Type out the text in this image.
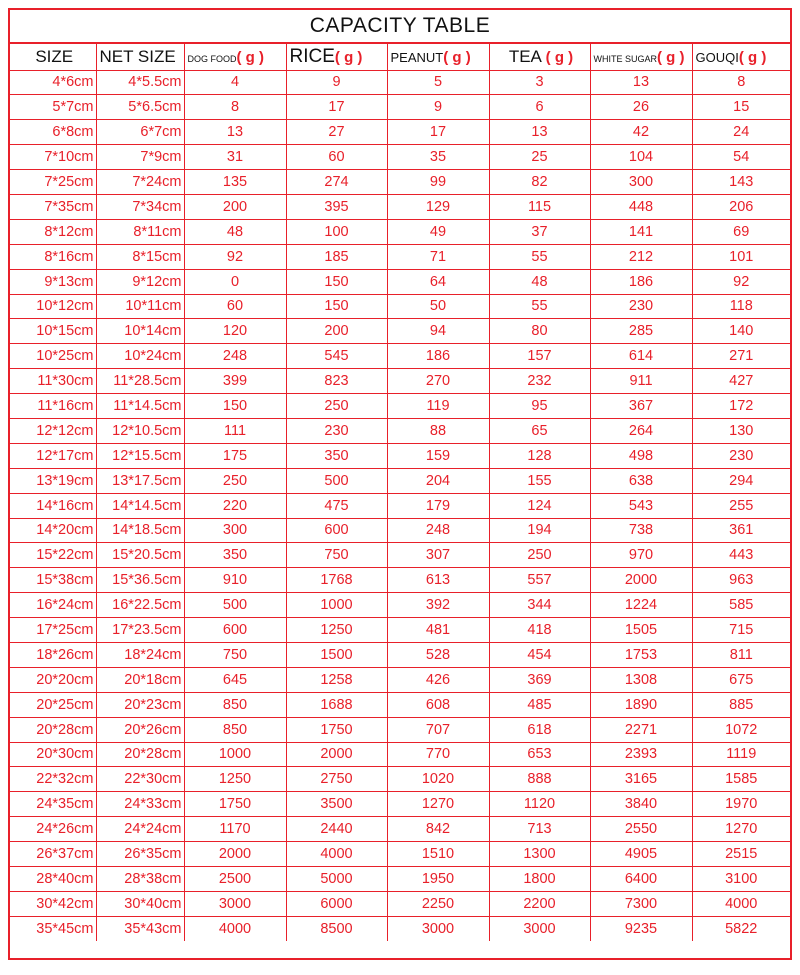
CAPACITY TABLE
SIZE	NET SIZE	DOG FOOD( g )	RICE( g )	PEANUT( g )	TEA ( g )	WHITE SUGAR( g )	GOUQI( g )
4*6cm	4*5.5cm	4	9	5	3	13	8
5*7cm	5*6.5cm	8	17	9	6	26	15
6*8cm	6*7cm	13	27	17	13	42	24
7*10cm	7*9cm	31	60	35	25	104	54
7*25cm	7*24cm	135	274	99	82	300	143
7*35cm	7*34cm	200	395	129	115	448	206
8*12cm	8*11cm	48	100	49	37	141	69
8*16cm	8*15cm	92	185	71	55	212	101
9*13cm	9*12cm	0	150	64	48	186	92
10*12cm	10*11cm	60	150	50	55	230	118
10*15cm	10*14cm	120	200	94	80	285	140
10*25cm	10*24cm	248	545	186	157	614	271
11*30cm	11*28.5cm	399	823	270	232	911	427
11*16cm	11*14.5cm	150	250	119	95	367	172
12*12cm	12*10.5cm	111	230	88	65	264	130
12*17cm	12*15.5cm	175	350	159	128	498	230
13*19cm	13*17.5cm	250	500	204	155	638	294
14*16cm	14*14.5cm	220	475	179	124	543	255
14*20cm	14*18.5cm	300	600	248	194	738	361
15*22cm	15*20.5cm	350	750	307	250	970	443
15*38cm	15*36.5cm	910	1768	613	557	2000	963
16*24cm	16*22.5cm	500	1000	392	344	1224	585
17*25cm	17*23.5cm	600	1250	481	418	1505	715
18*26cm	18*24cm	750	1500	528	454	1753	811
20*20cm	20*18cm	645	1258	426	369	1308	675
20*25cm	20*23cm	850	1688	608	485	1890	885
20*28cm	20*26cm	850	1750	707	618	2271	1072
20*30cm	20*28cm	1000	2000	770	653	2393	1119
22*32cm	22*30cm	1250	2750	1020	888	3165	1585
24*35cm	24*33cm	1750	3500	1270	1120	3840	1970
24*26cm	24*24cm	1170	2440	842	713	2550	1270
26*37cm	26*35cm	2000	4000	1510	1300	4905	2515
28*40cm	28*38cm	2500	5000	1950	1800	6400	3100
30*42cm	30*40cm	3000	6000	2250	2200	7300	4000
35*45cm	35*43cm	4000	8500	3000	3000	9235	5822
